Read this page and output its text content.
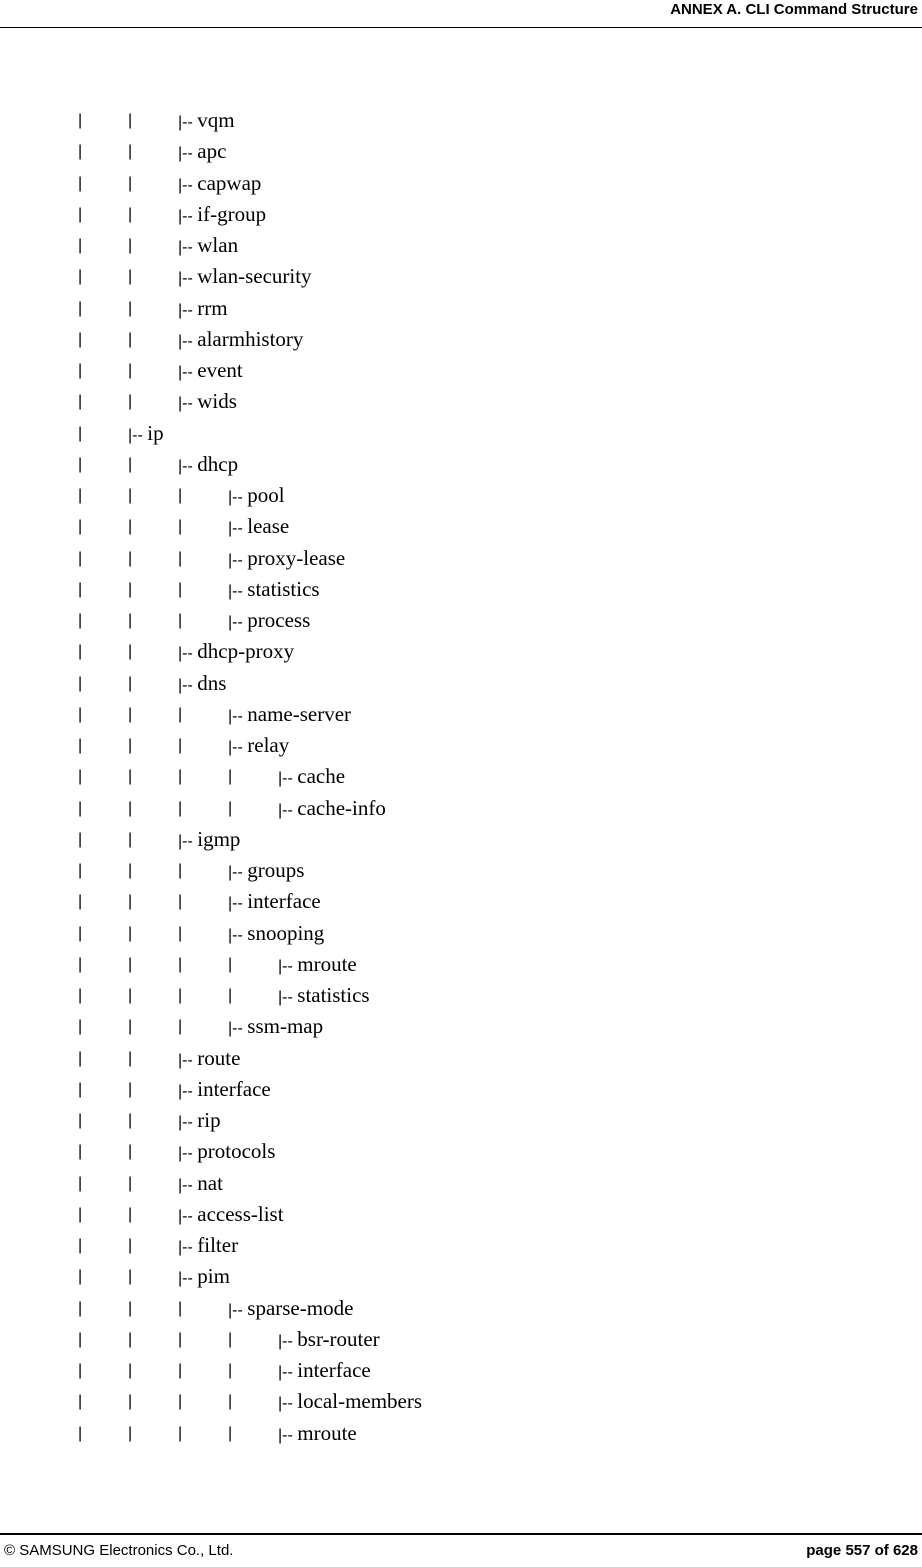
ANNEX A. CLI Command Structure
|	|	|-- vqm
|	|	|-- apc
|	|	|-- capwap
|	|	|-- if-group
|	|	|-- wlan
|	|	|-- wlan-security
|	|	|-- rrm
|	|	|-- alarmhistory
|	|	|-- event
|	|	|-- wids
|	|-- ip
|	|	|-- dhcp
|	|	|	|-- pool
|	|	|	|-- lease
|	|	|	|-- proxy-lease
|	|	|	|-- statistics
|	|	|	|-- process
|	|	|-- dhcp-proxy
|	|	|-- dns
|	|	|	|-- name-server
|	|	|	|-- relay
|	|	|	|	|-- cache
|	|	|	|	|-- cache-info
|	|	|-- igmp
|	|	|	|-- groups
|	|	|	|-- interface
|	|	|	|-- snooping
|	|	|	|	|-- mroute
|	|	|	|	|-- statistics
|	|	|	|-- ssm-map
|	|	|-- route
|	|	|-- interface
|	|	|-- rip
|	|	|-- protocols
|	|	|-- nat
|	|	|-- access-list
|	|	|-- filter
|	|	|-- pim
|	|	|	|-- sparse-mode
|	|	|	|	|-- bsr-router
|	|	|	|	|-- interface
|	|	|	|	|-- local-members
|	|	|	|	|-- mroute
© SAMSUNG Electronics Co., Ltd.	page 557 of 628
